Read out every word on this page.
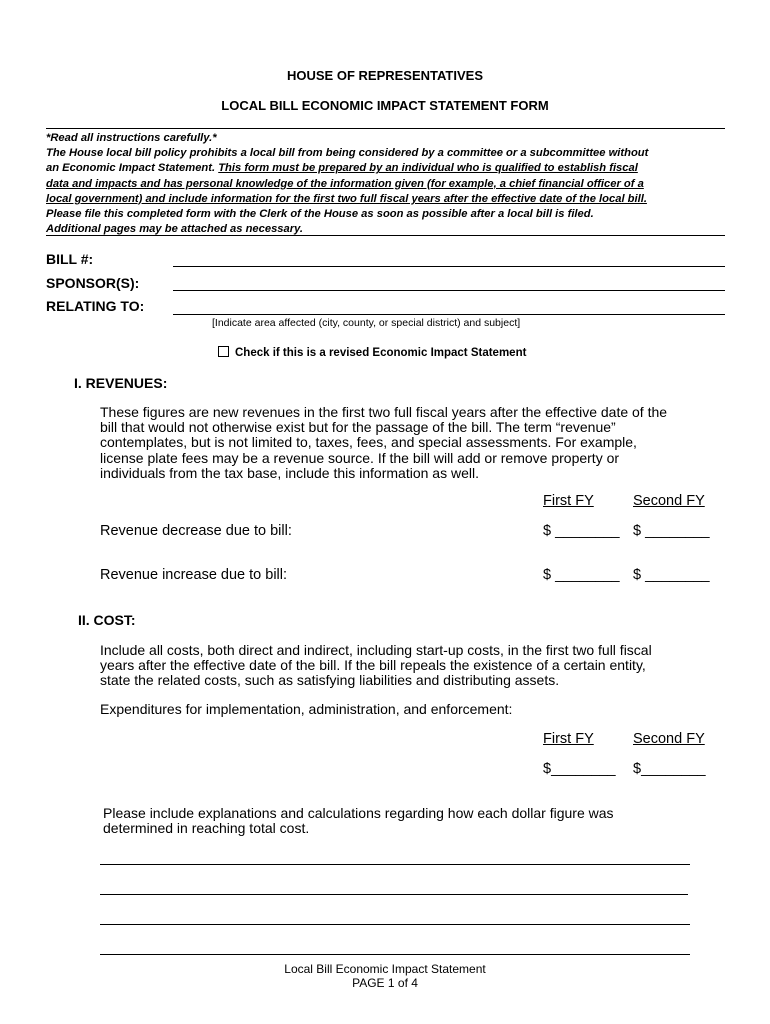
HOUSE OF REPRESENTATIVES
LOCAL BILL ECONOMIC IMPACT STATEMENT FORM
*Read all instructions carefully.*
The House local bill policy prohibits a local bill from being considered by a committee or a subcommittee without
an Economic Impact Statement. This form must be prepared by an individual who is qualified to establish fiscal
data and impacts and has personal knowledge of the information given (for example, a chief financial officer of a
local government) and include information for the first two full fiscal years after the effective date of the local bill.
Please file this completed form with the Clerk of the House as soon as possible after a local bill is filed.
Additional pages may be attached as necessary.
BILL #:
SPONSOR(S):
RELATING TO:
[Indicate area affected (city, county, or special district) and subject]
Check if this is a revised Economic Impact Statement
I. REVENUES:
These figures are new revenues in the first two full fiscal years after the effective date of the
bill that would not otherwise exist but for the passage of the bill. The term “revenue”
contemplates, but is not limited to, taxes, fees, and special assessments. For example,
license plate fees may be a revenue source. If the bill will add or remove property or
individuals from the tax base, include this information as well.
First FY	Second FY
Revenue decrease due to bill:	$ ________ $ ________
Revenue increase due to bill:	$ ________ $ ________
II. COST:
Include all costs, both direct and indirect, including start-up costs, in the first two full fiscal
years after the effective date of the bill. If the bill repeals the existence of a certain entity,
state the related costs, such as satisfying liabilities and distributing assets.
Expenditures for implementation, administration, and enforcement:
First FY	Second FY
$________ $________
Please include explanations and calculations regarding how each dollar figure was
determined in reaching total cost.
Local Bill Economic Impact Statement
PAGE 1 of 4
